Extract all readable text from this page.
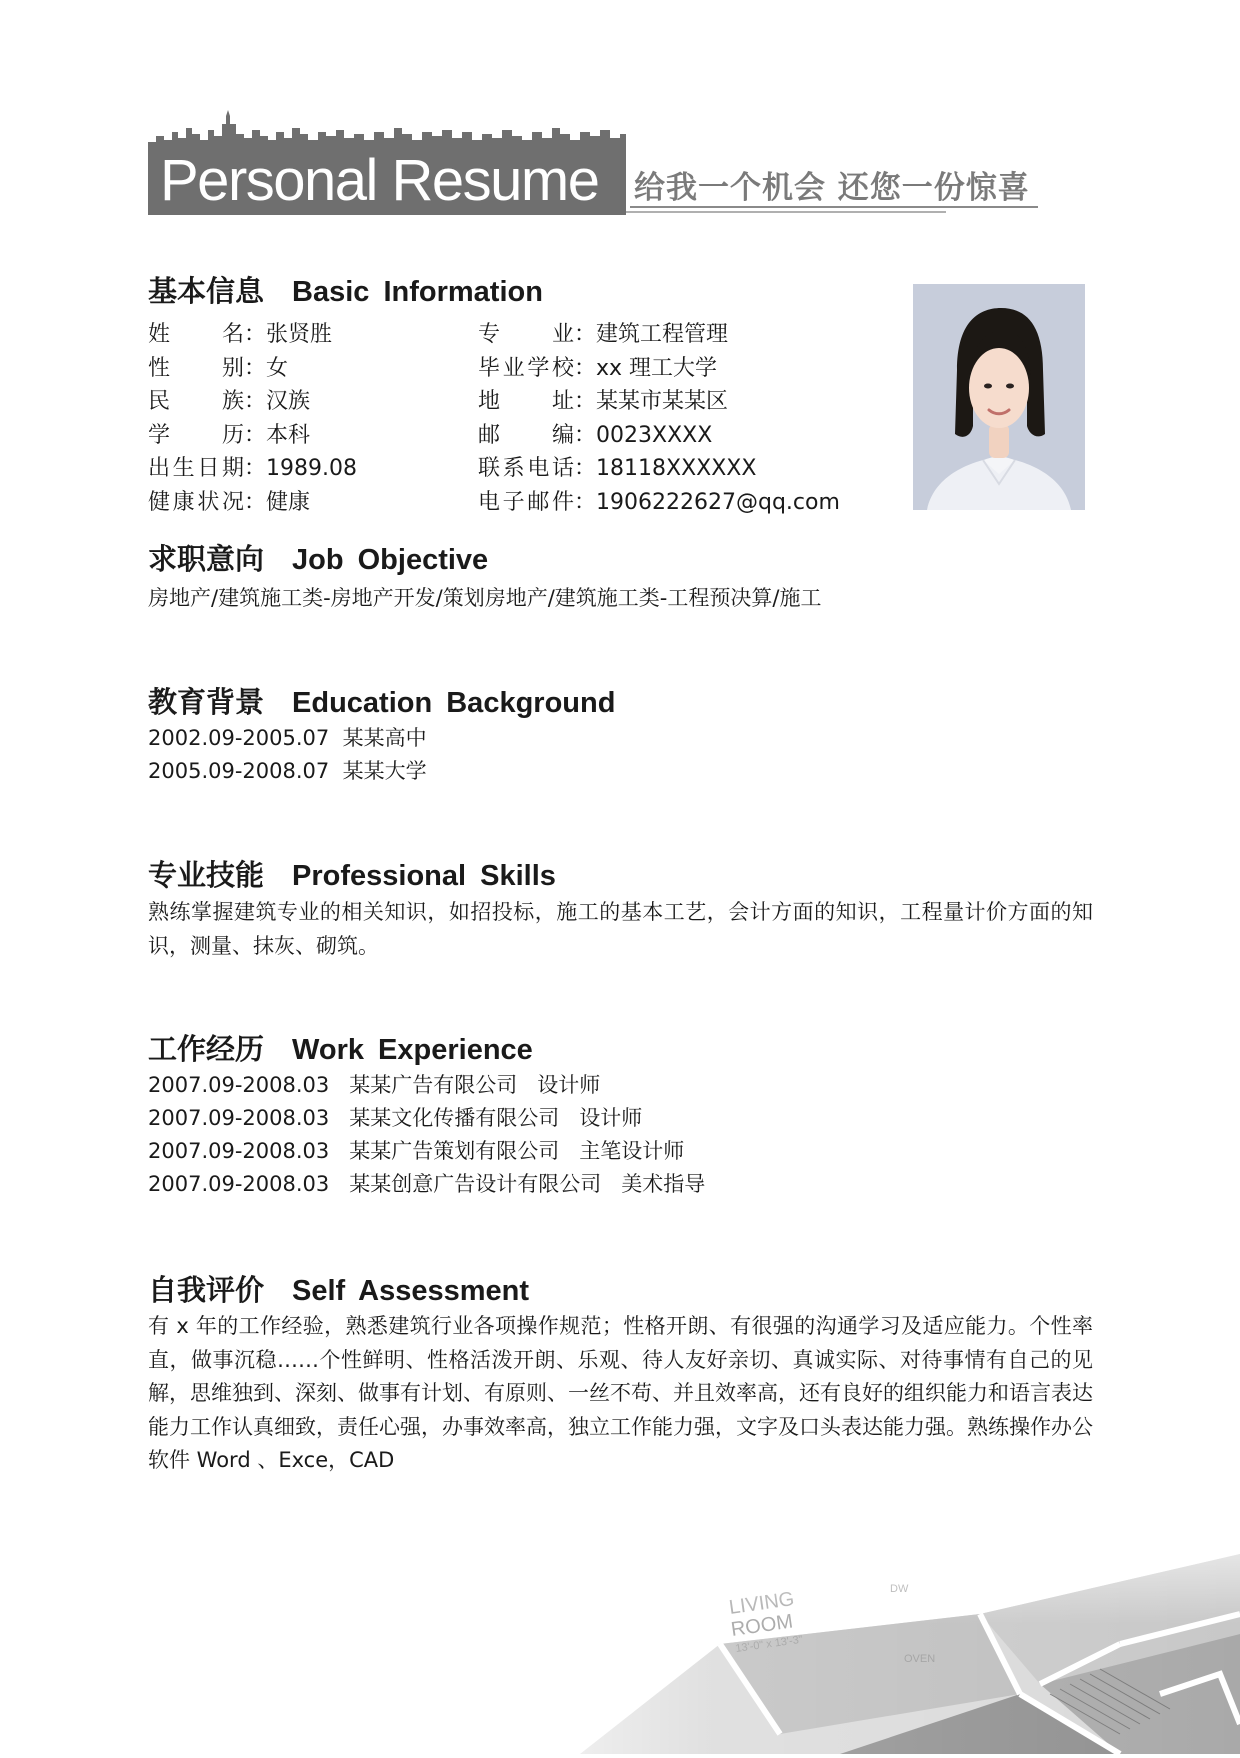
Personal Resume 给我一个机会 还您一份惊喜
基本信息 Basic Information
姓名：张贤胜
性别：女
民族：汉族
学历：本科
出生日期：1989.08
健康状况：健康
专业：建筑工程管理
毕业学校：xx 理工大学
地址：某某市某某区
邮编：0023XXXX
联系电话：18118XXXXXX
电子邮件：1906222627@qq.com
求职意向 Job Objective
房地产/建筑施工类-房地产开发/策划房地产/建筑施工类-工程预决算/施工
教育背景 Education Background
2002.09-2005.07  某某高中
2005.09-2008.07  某某大学
专业技能 Professional Skills
熟练掌握建筑专业的相关知识，如招投标，施工的基本工艺，会计方面的知识，工程量计价方面的知识，测量、抹灰、砌筑。
工作经历 Work Experience
2007.09-2008.03 某某广告有限公司 设计师
2007.09-2008.03 某某文化传播有限公司 设计师
2007.09-2008.03 某某广告策划有限公司 主笔设计师
2007.09-2008.03 某某创意广告设计有限公司 美术指导
自我评价 Self Assessment
有 x 年的工作经验，熟悉建筑行业各项操作规范；性格开朗、有很强的沟通学习及适应能力。个性率直，做事沉稳……个性鲜明、性格活泼开朗、乐观、待人友好亲切、真诚实际、对待事情有自己的见解，思维独到、深刻、做事有计划、有原则、一丝不苟、并且效率高，还有良好的组织能力和语言表达能力工作认真细致，责任心强，办事效率高，独立工作能力强，文字及口头表达能力强。熟练操作办公软件 Word 、Exce，CAD
